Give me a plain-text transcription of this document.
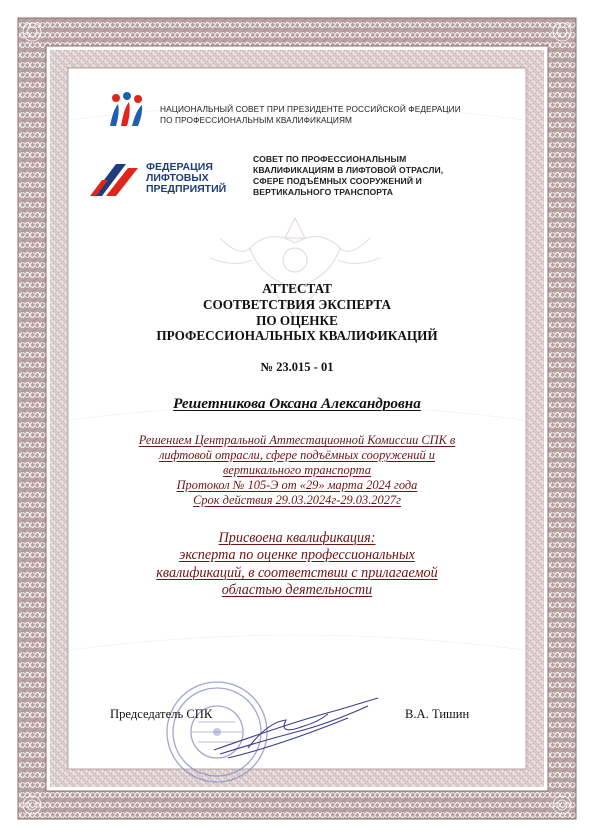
НАЦИОНАЛЬНЫЙ СОВЕТ ПРИ ПРЕЗИДЕНТЕ РОССИЙСКОЙ ФЕДЕРАЦИИ
ПО ПРОФЕССИОНАЛЬНЫМ КВАЛИФИКАЦИЯМ
ФЕДЕРАЦИЯ
ЛИФТОВЫХ
ПРЕДПРИЯТИЙ
СОВЕТ ПО ПРОФЕССИОНАЛЬНЫМ
КВАЛИФИКАЦИЯМ В ЛИФТОВОЙ ОТРАСЛИ,
СФЕРЕ ПОДЪЁМНЫХ СООРУЖЕНИЙ И
ВЕРТИКАЛЬНОГО ТРАНСПОРТА
АТТЕСТАТ
СООТВЕТСТВИЯ ЭКСПЕРТА
ПО ОЦЕНКЕ
ПРОФЕССИОНАЛЬНЫХ КВАЛИФИКАЦИЙ
№ 23.015 - 01
Решетникова Оксана Александровна
Решением Центральной Аттестационной Комиссии СПК в
лифтовой отрасли, сфере подъёмных сооружений и
вертикального транспорта
Протокол № 105-Э от «29» марта 2024 года
Срок действия 29.03.2024г-29.03.2027г
Присвоена квалификация:
эксперта по оценке профессиональных
квалификаций, в соответствии с прилагаемой
областью деятельности
Председатель СПК	В.А. Тишин
